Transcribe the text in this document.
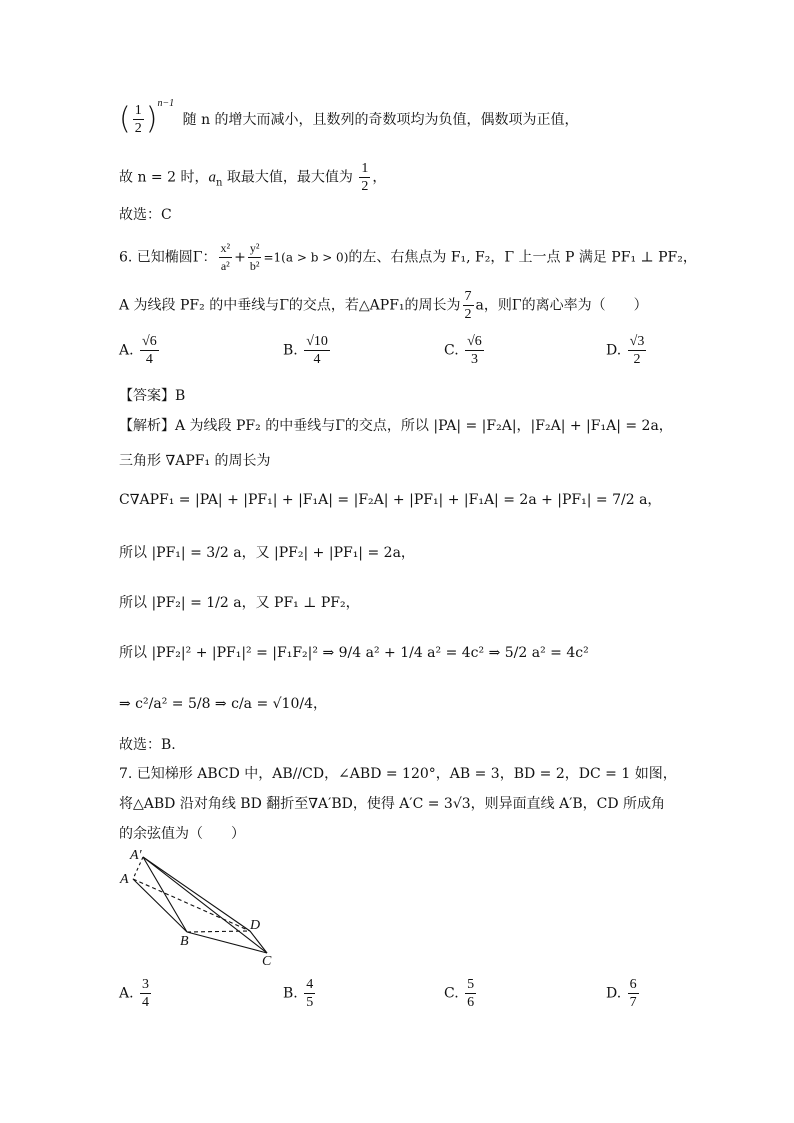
( $\frac{1}{2} )^{n-1}$ 随 n 的增大而减小，且数列的奇数项均为负值，偶数项为正值，
故 n = 2 时，$a_n$ 取最大值，最大值为 $\frac{1}{2}$ ，
故选：C
6. 已知椭圆Γ： $\frac{\text{x²}}{\text{a²}} + \frac{\text{y²}}{\text{b²}} =1(a > b > 0)$的左、右焦点为 F₁, F₂，Γ 上一点 P 满足 PF₁ ⊥ PF₂，
A 为线段 PF₂ 的中垂线与Γ的交点，若△APF₁的周长为 $\frac{7}{2}$ a，则Γ的离心率为（　　）
A. $\frac{√6}{4}$	B. $\frac{√10}{4}$	C. $\frac{√6}{3}$	D. $\frac{√3}{2}$
【答案】B
【解析】A 为线段 PF₂ 的中垂线与Γ的交点，所以 |PA| = |F₂A|，|F₂A| + |F₁A| = 2a，
三角形 ∇APF₁ 的周长为
C∇APF₁ = |PA| + |PF₁| + |F₁A| = |F₂A| + |PF₁| + |F₁A| = 2a + |PF₁| = 7/2 a，
所以 |PF₁| = 3/2 a，又 |PF₂| + |PF₁| = 2a，
所以 |PF₂| = 1/2 a，又 PF₁ ⊥ PF₂，
所以 |PF₂|² + |PF₁|² = |F₁F₂|² ⇒ 9/4 a² + 1/4 a² = 4c² ⇒ 5/2 a² = 4c²
⇒ c²/a² = 5/8 ⇒ c/a = √10/4，
故选：B.
7. 已知梯形 ABCD 中，AB//CD，∠ABD = 120°，AB = 3，BD = 2，DC = 1 如图，
将△ABD 沿对角线 BD 翻折至∇A′BD，使得 A′C = 3√3，则异面直线 A′B，CD 所成角
的余弦值为（　　）
A′
A
B
D
C
A. $\frac{3}{4}$	B. $\frac{4}{5}$	C. $\frac{5}{6}$	D. $\frac{6}{7}$
